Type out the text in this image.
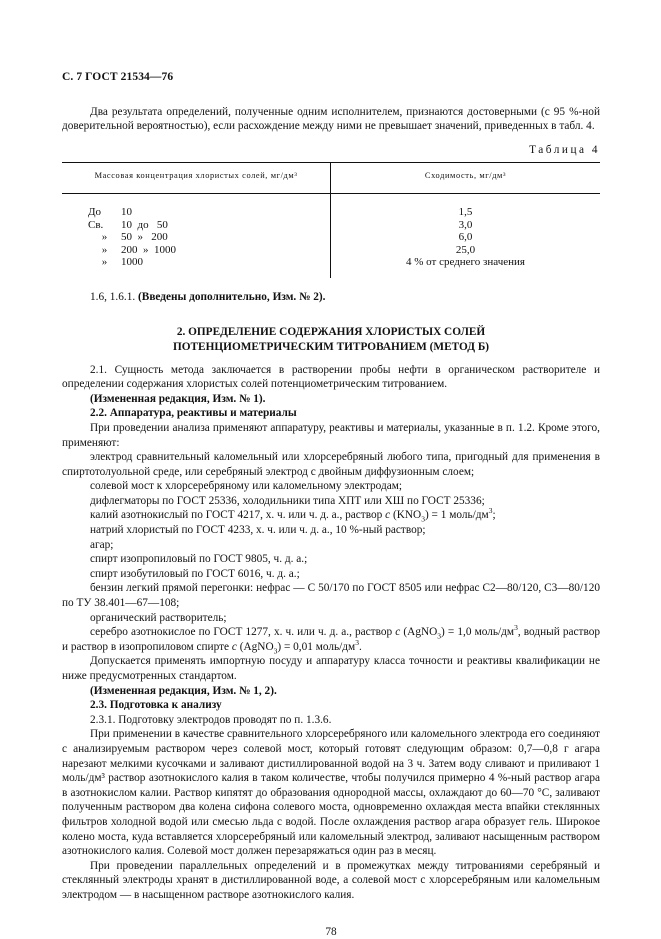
С. 7 ГОСТ 21534—76

Два результата определений, полученные одним исполнителем, признаются достоверными (с 95 %-ной доверительной вероятностью), если расхождение между ними не превышает значений, приведенных в табл. 4.

Таблица 4
Массовая концентрация хлористых солей, мг/дм³	Сходимость, мг/дм³
До 10	1,5
Св. 10  до   50	3,0
» 50  »   200	6,0
» 200  »  1000	25,0
» 1000	4 % от среднего значения

1.6, 1.6.1. (Введены дополнительно, Изм. № 2).

2. ОПРЕДЕЛЕНИЕ СОДЕРЖАНИЯ ХЛОРИСТЫХ СОЛЕЙ
ПОТЕНЦИОМЕТРИЧЕСКИМ ТИТРОВАНИЕМ (МЕТОД Б)

2.1. Сущность метода заключается в растворении пробы нефти в органическом растворителе и определении содержания хлористых солей потенциометрическим титрованием.

(Измененная редакция, Изм. № 1).

2.2. Аппаратура, реактивы и материалы

При проведении анализа применяют аппаратуру, реактивы и материалы, указанные в п. 1.2. Кроме этого, применяют:

электрод сравнительный каломельный или хлорсеребряный любого типа, пригодный для применения в спиртотолуольной среде, или серебряный электрод с двойным диффузионным слоем;

солевой мост к хлорсеребряному или каломельному электродам;

дифлегматоры по ГОСТ 25336, холодильники типа ХПТ или ХШ по ГОСТ 25336;

калий азотнокислый по ГОСТ 4217, х. ч. или ч. д. а., раствор c $(KNO_3) = 1$ моль/$дм^3$;

натрий хлористый по ГОСТ 4233, х. ч. или ч. д. а., 10 %-ный раствор;

агар;

спирт изопропиловый по ГОСТ 9805, ч. д. а.;

спирт изобутиловый по ГОСТ 6016, ч. д. а.;

бензин легкий прямой перегонки: нефрас — С 50/170 по ГОСТ 8505 или нефрас С2—80/120, С3—80/120 по ТУ 38.401—67—108;

органический растворитель;

серебро азотнокислое по ГОСТ 1277, х. ч. или ч. д. а., раствор c (AgNO$_3$) = 1,0 моль/$дм^3$, водный раствор и раствор в изопропиловом спирте c (AgNO$_3$) = 0,01 моль/$дм^3$.

Допускается применять импортную посуду и аппаратуру класса точности и реактивы квалификации не ниже предусмотренных стандартом.

(Измененная редакция, Изм. № 1, 2).

2.3. Подготовка к анализу

2.3.1. Подготовку электродов проводят по п. 1.3.6.

При применении в качестве сравнительного хлорсеребряного или каломельного электрода его соединяют с анализируемым раствором через солевой мост, который готовят следующим образом: 0,7—0,8 г агара нарезают мелкими кусочками и заливают дистиллированной водой на 3 ч. Затем воду сливают и приливают 1 моль/дм³ раствор азотнокислого калия в таком количестве, чтобы получился примерно 4 %-ный раствор агара в азотнокислом калии. Раствор кипятят до образования однородной массы, охлаждают до 60—70 °С, заливают полученным раствором два колена сифона солевого моста, одновременно охлаждая места впайки стеклянных фильтров холодной водой или смесью льда с водой. После охлаждения раствор агара образует гель. Широкое колено моста, куда вставляется хлорсеребряный или каломельный электрод, заливают насыщенным раствором азотнокислого калия. Солевой мост должен перезаряжаться один раз в месяц.

При проведении параллельных определений и в промежутках между титрованиями серебряный и стеклянный электроды хранят в дистиллированной воде, а солевой мост с хлорсеребряным или каломельным электродом — в насыщенном растворе азотнокислого калия.

78
